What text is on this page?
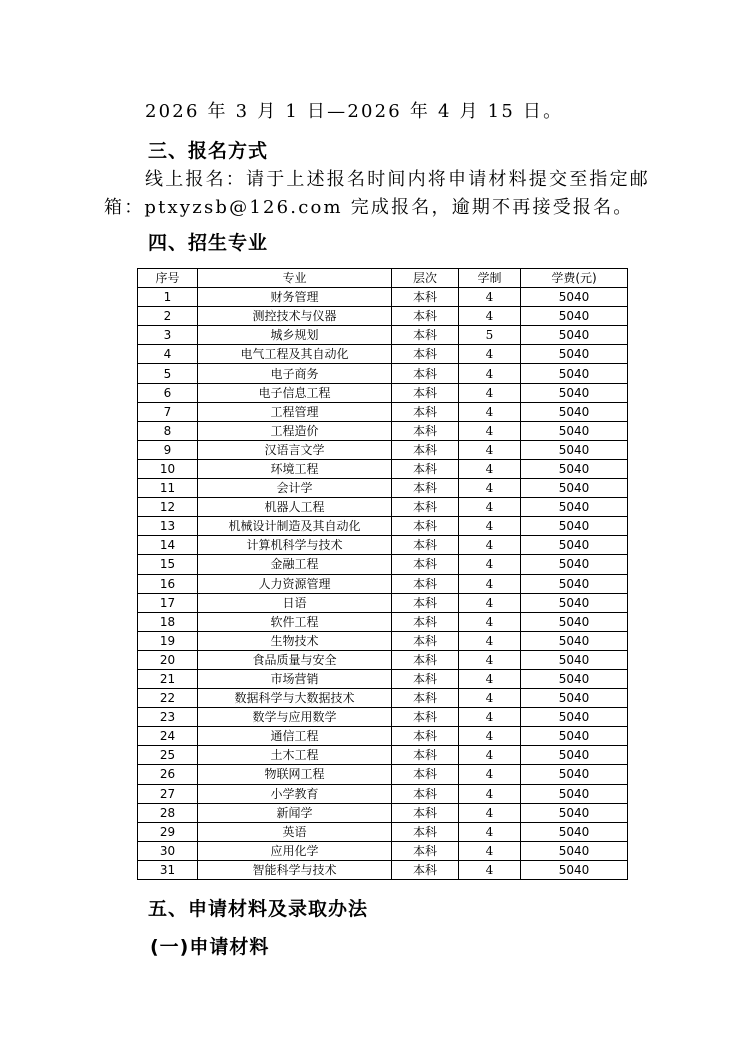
2026 年 3 月 1 日—2026 年 4 月 15 日。
三、报名方式
线上报名：请于上述报名时间内将申请材料提交至指定邮
箱：ptxyzsb@126.com 完成报名，逾期不再接受报名。
四、招生专业
序号	专业	层次	学制	学费(元)
1	财务管理	本科	4	5040
2	测控技术与仪器	本科	4	5040
3	城乡规划	本科	5	5040
4	电气工程及其自动化	本科	4	5040
5	电子商务	本科	4	5040
6	电子信息工程	本科	4	5040
7	工程管理	本科	4	5040
8	工程造价	本科	4	5040
9	汉语言文学	本科	4	5040
10	环境工程	本科	4	5040
11	会计学	本科	4	5040
12	机器人工程	本科	4	5040
13	机械设计制造及其自动化	本科	4	5040
14	计算机科学与技术	本科	4	5040
15	金融工程	本科	4	5040
16	人力资源管理	本科	4	5040
17	日语	本科	4	5040
18	软件工程	本科	4	5040
19	生物技术	本科	4	5040
20	食品质量与安全	本科	4	5040
21	市场营销	本科	4	5040
22	数据科学与大数据技术	本科	4	5040
23	数学与应用数学	本科	4	5040
24	通信工程	本科	4	5040
25	土木工程	本科	4	5040
26	物联网工程	本科	4	5040
27	小学教育	本科	4	5040
28	新闻学	本科	4	5040
29	英语	本科	4	5040
30	应用化学	本科	4	5040
31	智能科学与技术	本科	4	5040
五、申请材料及录取办法
(一)申请材料
